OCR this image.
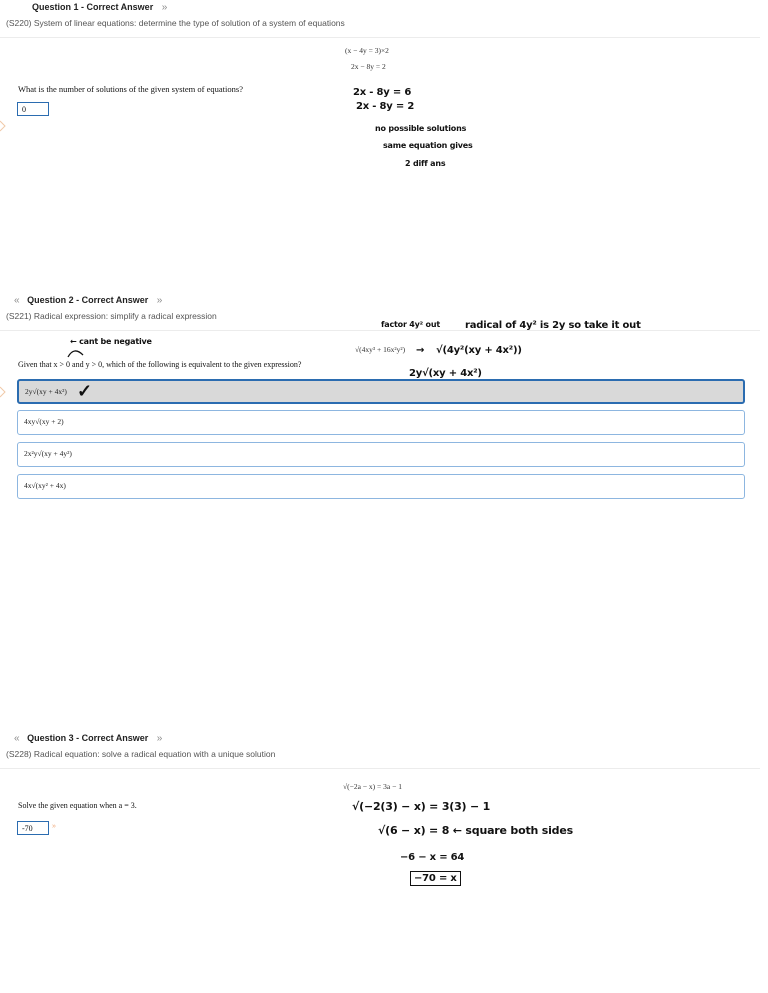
Question 1 - Correct Answer »
(S220) System of linear equations: determine the type of solution of a system of equations
What is the number of solutions of the given system of equations?
0
(x − 4y = 3)×2
2x − 8y = 2
2x - 8y = 6
2x - 8y = 2
no possible solutions
same equation gives
2 diff ans
« Question 2 - Correct Answer »
(S221) Radical expression: simplify a radical expression
← cant be negative
Given that x > 0 and y > 0, which of the following is equivalent to the given expression?
√(4xy³ + 16x²y²)
factor 4y² out	radical of 4y² is 2y so take it out
→ √(4y²(xy + 4x²))
2y√(xy + 4x²)
2y√(xy + 4x²) ✓
4xy√(xy + 2)
2x²y√(xy + 4y²)
4x√(xy² + 4x)
« Question 3 - Correct Answer »
(S228) Radical equation: solve a radical equation with a unique solution
Solve the given equation when a = 3.
-70	»
√(−2a − x) = 3a − 1
√(−2(3) − x) = 3(3) − 1
√(6 − x) = 8 ← square both sides
−6 − x = 64
−70 = x
